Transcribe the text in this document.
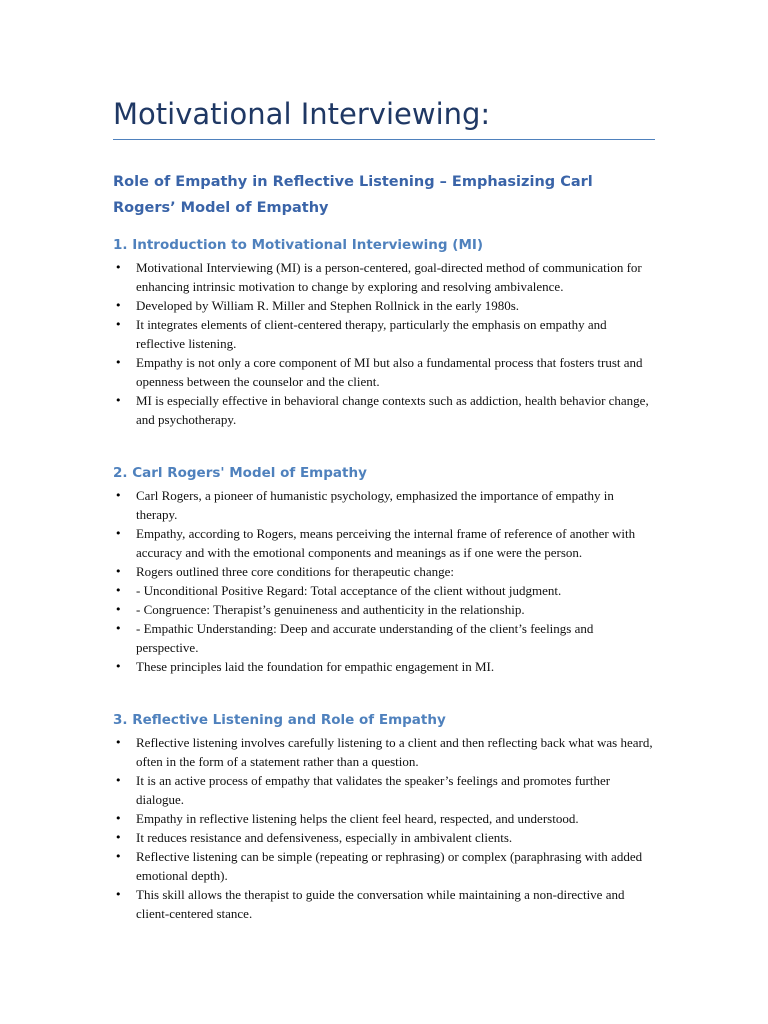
Motivational Interviewing:
Role of Empathy in Reflective Listening – Emphasizing Carl Rogers’ Model of Empathy
1. Introduction to Motivational Interviewing (MI)
• Motivational Interviewing (MI) is a person-centered, goal-directed method of communication for enhancing intrinsic motivation to change by exploring and resolving ambivalence.
• Developed by William R. Miller and Stephen Rollnick in the early 1980s.
• It integrates elements of client-centered therapy, particularly the emphasis on empathy and reflective listening.
• Empathy is not only a core component of MI but also a fundamental process that fosters trust and openness between the counselor and the client.
• MI is especially effective in behavioral change contexts such as addiction, health behavior change, and psychotherapy.
2. Carl Rogers' Model of Empathy
• Carl Rogers, a pioneer of humanistic psychology, emphasized the importance of empathy in therapy.
• Empathy, according to Rogers, means perceiving the internal frame of reference of another with accuracy and with the emotional components and meanings as if one were the person.
• Rogers outlined three core conditions for therapeutic change:
• - Unconditional Positive Regard: Total acceptance of the client without judgment.
• - Congruence: Therapist’s genuineness and authenticity in the relationship.
• - Empathic Understanding: Deep and accurate understanding of the client’s feelings and perspective.
• These principles laid the foundation for empathic engagement in MI.
3. Reflective Listening and Role of Empathy
• Reflective listening involves carefully listening to a client and then reflecting back what was heard, often in the form of a statement rather than a question.
• It is an active process of empathy that validates the speaker’s feelings and promotes further dialogue.
• Empathy in reflective listening helps the client feel heard, respected, and understood.
• It reduces resistance and defensiveness, especially in ambivalent clients.
• Reflective listening can be simple (repeating or rephrasing) or complex (paraphrasing with added emotional depth).
• This skill allows the therapist to guide the conversation while maintaining a non-directive and client-centered stance.
